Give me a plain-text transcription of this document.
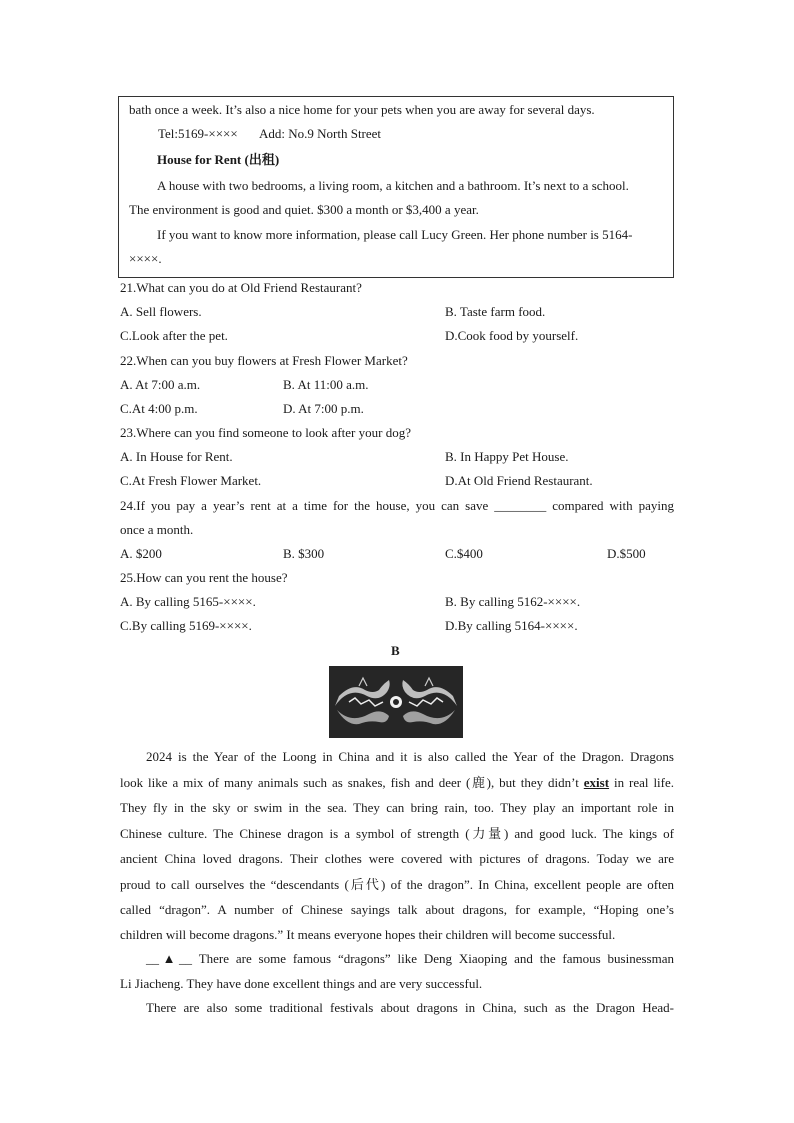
bath once a week. It’s also a nice home for your pets when you are away for several days.
Tel:5169-×××× Add: No.9 North Street
House for Rent (出租)
A house with two bedrooms, a living room, a kitchen and a bathroom. It’s next to a school.
The environment is good and quiet. $300 a month or $3,400 a year.
If you want to know more information, please call Lucy Green. Her phone number is 5164-
××××.
21.What can you do at Old Friend Restaurant?
A. Sell flowers.	B. Taste farm food.
C.Look after the pet.	D.Cook food by yourself.
22.When can you buy flowers at Fresh Flower Market?
A. At 7:00 a.m.	B. At 11:00 a.m.
C.At 4:00 p.m.	D. At 7:00 p.m.
23.Where can you find someone to look after your dog?
A. In House for Rent.	B. In Happy Pet House.
C.At Fresh Flower Market.	D.At Old Friend Restaurant.
24.If you pay a year’s rent at a time for the house, you can save ________ compared with paying
once a month.
A. $200	B. $300	C.$400	D.$500
25.How can you rent the house?
A. By calling 5165-××××.	B. By calling 5162-××××.
C.By calling 5169-××××.	D.By calling 5164-××××.
B
2024 is the Year of the Loong in China and it is also called the Year of the Dragon. Dragons
look like a mix of many animals such as snakes, fish and deer (鹿), but they didn’t exist in real life.
They fly in the sky or swim in the sea. They can bring rain, too. They play an important role in
Chinese culture. The Chinese dragon is a symbol of strength (力量) and good luck. The kings of
ancient China loved dragons. Their clothes were covered with pictures of dragons. Today we are
proud to call ourselves the “descendants (后代) of the dragon”. In China, excellent people are often
called “dragon”. A number of Chinese sayings talk about dragons, for example, “Hoping one’s
children will become dragons.” It means everyone hopes their children will become successful.
__▲__ There are some famous “dragons” like Deng Xiaoping and the famous businessman
Li Jiacheng. They have done excellent things and are very successful.
There are also some traditional festivals about dragons in China, such as the Dragon Head-
